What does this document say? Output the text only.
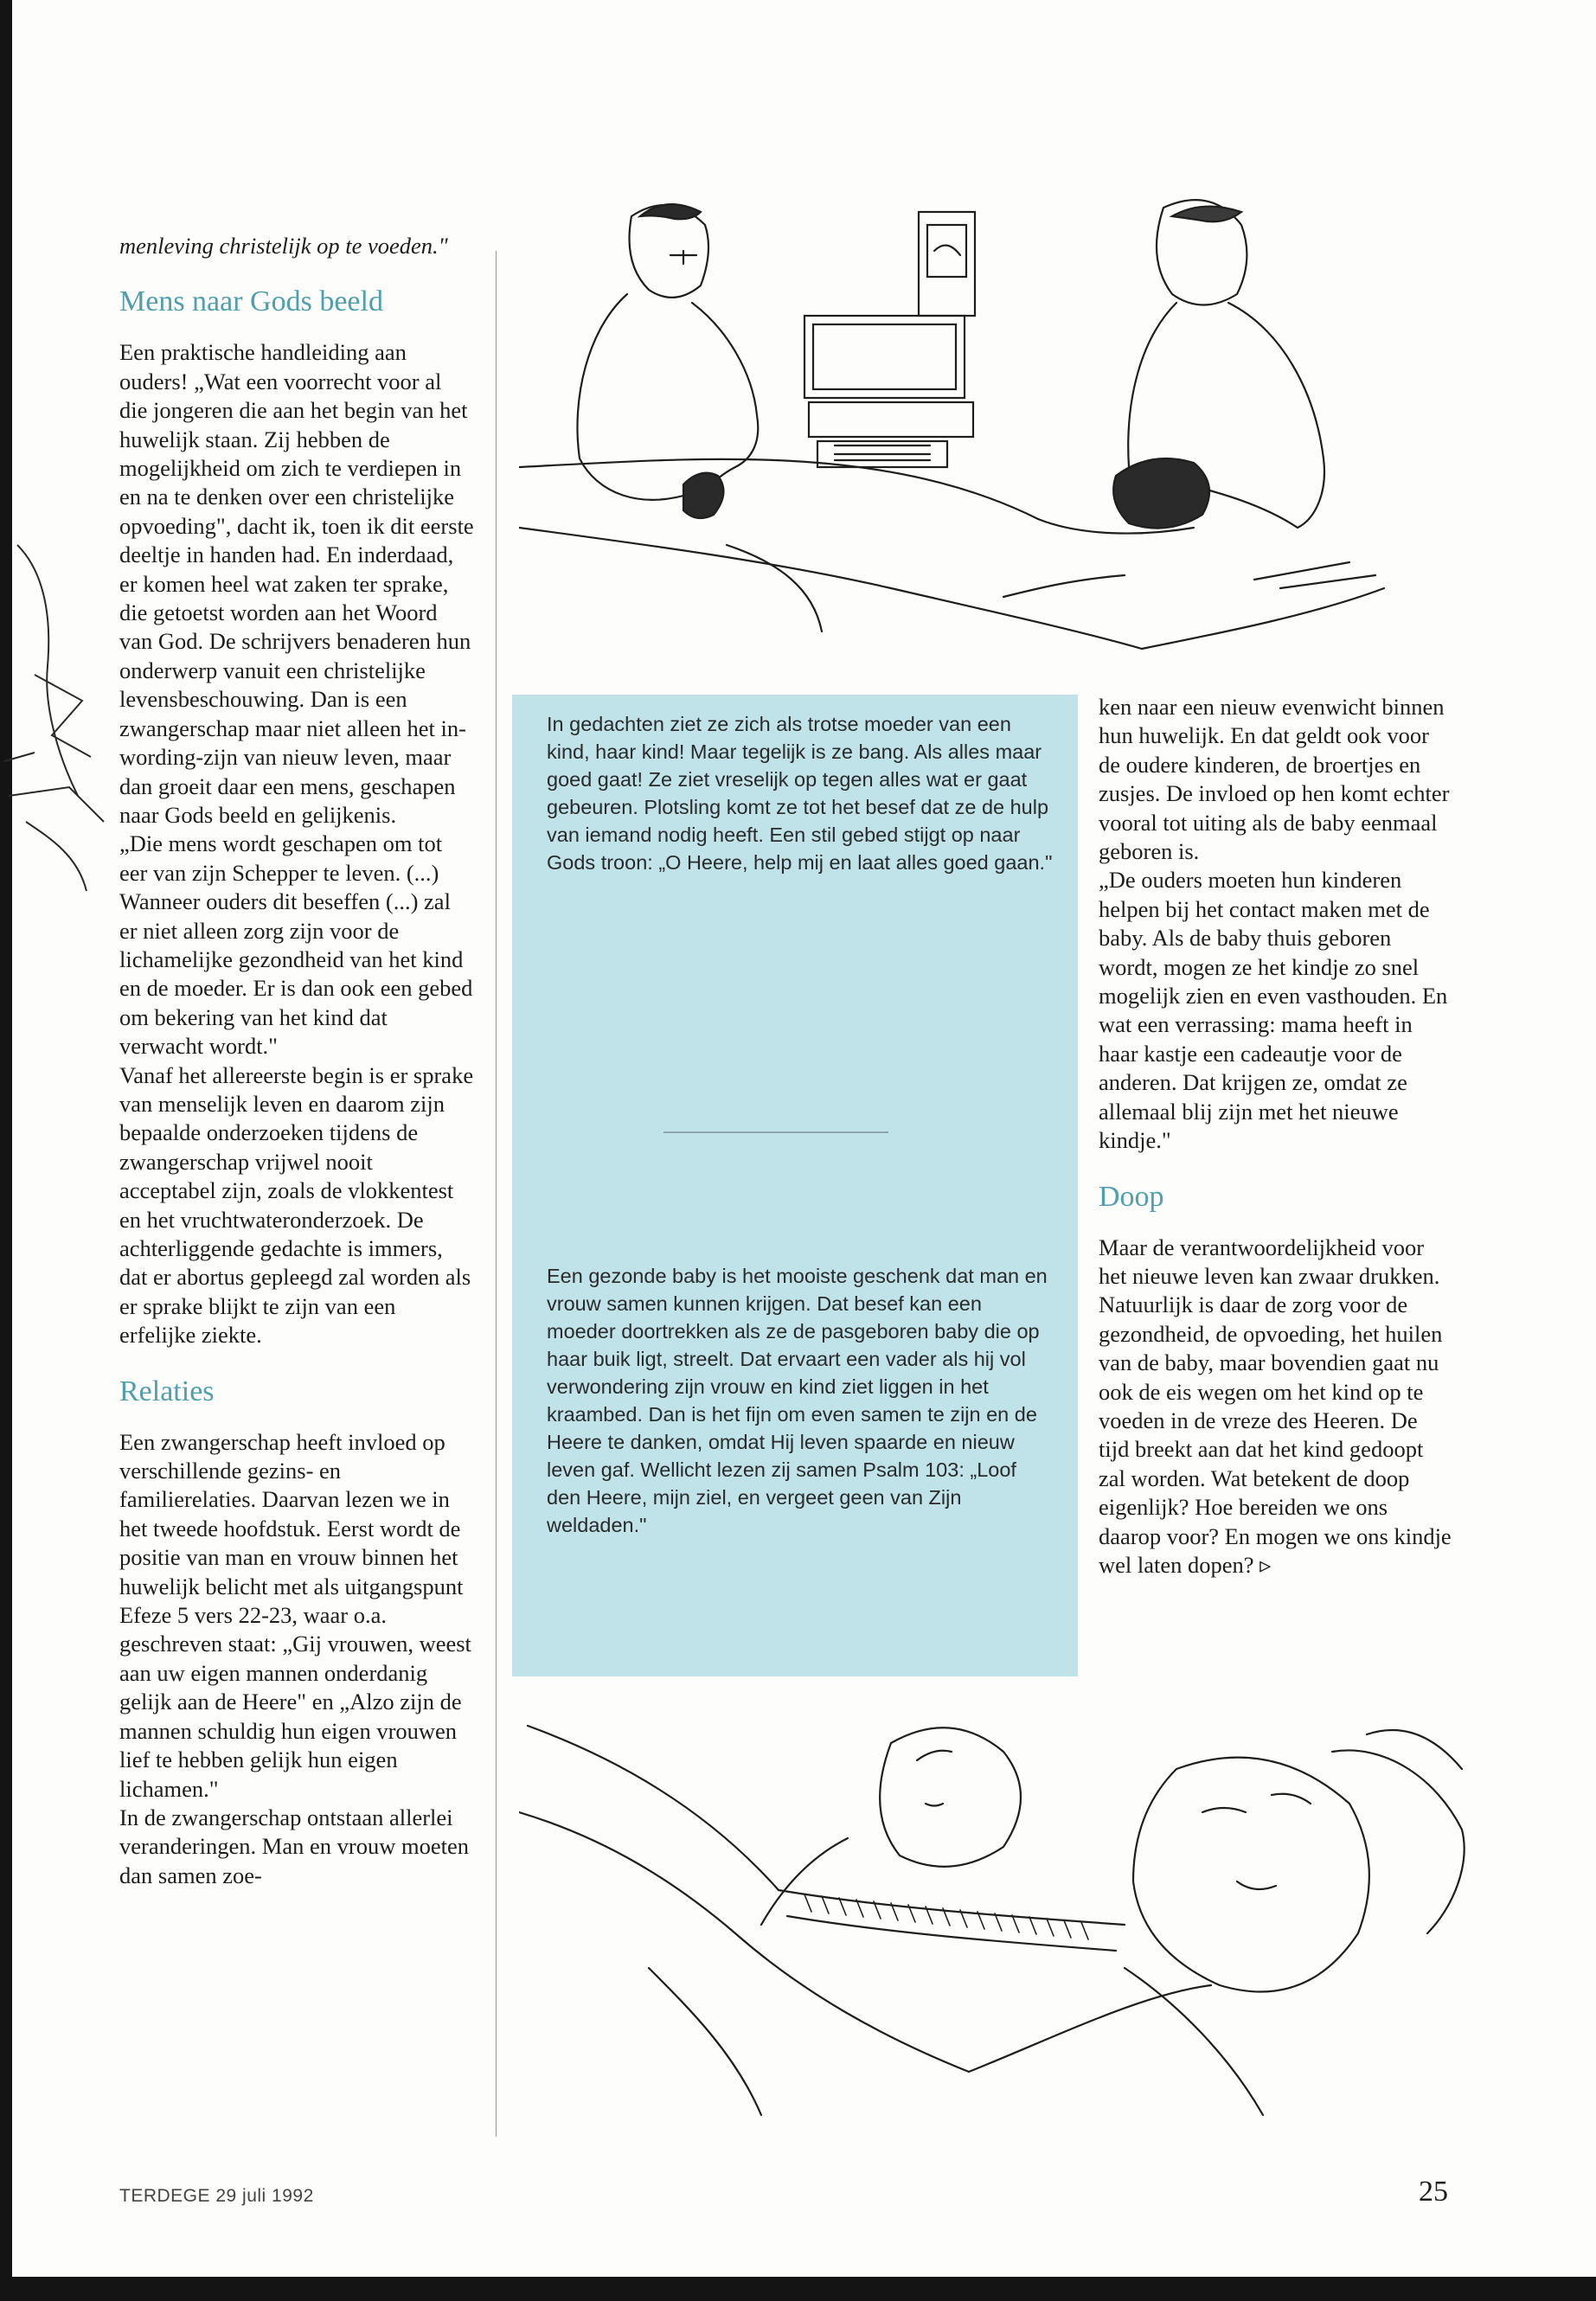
menleving christelijk op te voeden."

Mens naar Gods beeld

Een praktische handleiding aan ouders! „Wat een voorrecht voor al die jongeren die aan het begin van het huwelijk staan. Zij hebben de mogelijkheid om zich te verdiepen in en na te denken over een christelijke opvoeding", dacht ik, toen ik dit eerste deeltje in handen had. En inderdaad, er komen heel wat zaken ter sprake, die getoetst worden aan het Woord van God. De schrijvers benaderen hun onderwerp vanuit een christelijke levensbeschouwing. Dan is een zwangerschap maar niet alleen het in-wording-zijn van nieuw leven, maar dan groeit daar een mens, geschapen naar Gods beeld en gelijkenis.

„Die mens wordt geschapen om tot eer van zijn Schepper te leven. (...) Wanneer ouders dit beseffen (...) zal er niet alleen zorg zijn voor de lichamelijke gezondheid van het kind en de moeder. Er is dan ook een gebed om bekering van het kind dat verwacht wordt."

Vanaf het allereerste begin is er sprake van menselijk leven en daarom zijn bepaalde onderzoeken tijdens de zwangerschap vrijwel nooit acceptabel zijn, zoals de vlokkentest en het vruchtwateronderzoek. De achterliggende gedachte is immers, dat er abortus gepleegd zal worden als er sprake blijkt te zijn van een erfelijke ziekte.

Relaties

Een zwangerschap heeft invloed op verschillende gezins- en familierelaties. Daarvan lezen we in het tweede hoofdstuk. Eerst wordt de positie van man en vrouw binnen het huwelijk belicht met als uitgangspunt Efeze 5 vers 22-23, waar o.a. geschreven staat: „Gij vrouwen, weest aan uw eigen mannen onderdanig gelijk aan de Heere" en „Alzo zijn de mannen schuldig hun eigen vrouwen lief te hebben gelijk hun eigen lichamen."

In de zwangerschap ontstaan allerlei veranderingen. Man en vrouw moeten dan samen zoe-

In gedachten ziet ze zich als trotse moeder van een kind, haar kind! Maar tegelijk is ze bang. Als alles maar goed gaat! Ze ziet vreselijk op tegen alles wat er gaat gebeuren. Plotsling komt ze tot het besef dat ze de hulp van iemand nodig heeft. Een stil gebed stijgt op naar Gods troon: „O Heere, help mij en laat alles goed gaan."

Een gezonde baby is het mooiste geschenk dat man en vrouw samen kunnen krijgen. Dat besef kan een moeder doortrekken als ze de pasgeboren baby die op haar buik ligt, streelt. Dat ervaart een vader als hij vol verwondering zijn vrouw en kind ziet liggen in het kraambed. Dan is het fijn om even samen te zijn en de Heere te danken, omdat Hij leven spaarde en nieuw leven gaf. Wellicht lezen zij samen Psalm 103: „Loof den Heere, mijn ziel, en vergeet geen van Zijn weldaden."

ken naar een nieuw evenwicht binnen hun huwelijk. En dat geldt ook voor de oudere kinderen, de broertjes en zusjes. De invloed op hen komt echter vooral tot uiting als de baby eenmaal geboren is.

„De ouders moeten hun kinderen helpen bij het contact maken met de baby. Als de baby thuis geboren wordt, mogen ze het kindje zo snel mogelijk zien en even vasthouden. En wat een verrassing: mama heeft in haar kastje een cadeautje voor de anderen. Dat krijgen ze, omdat ze allemaal blij zijn met het nieuwe kindje."

Doop

Maar de verantwoordelijkheid voor het nieuwe leven kan zwaar drukken. Natuurlijk is daar de zorg voor de gezondheid, de opvoeding, het huilen van de baby, maar bovendien gaat nu ook de eis wegen om het kind op te voeden in de vreze des Heeren. De tijd breekt aan dat het kind gedoopt zal worden. Wat betekent de doop eigenlijk? Hoe bereiden we ons daarop voor? En mogen we ons kindje wel laten dopen? ▹

TERDEGE 29 juli 1992	25
